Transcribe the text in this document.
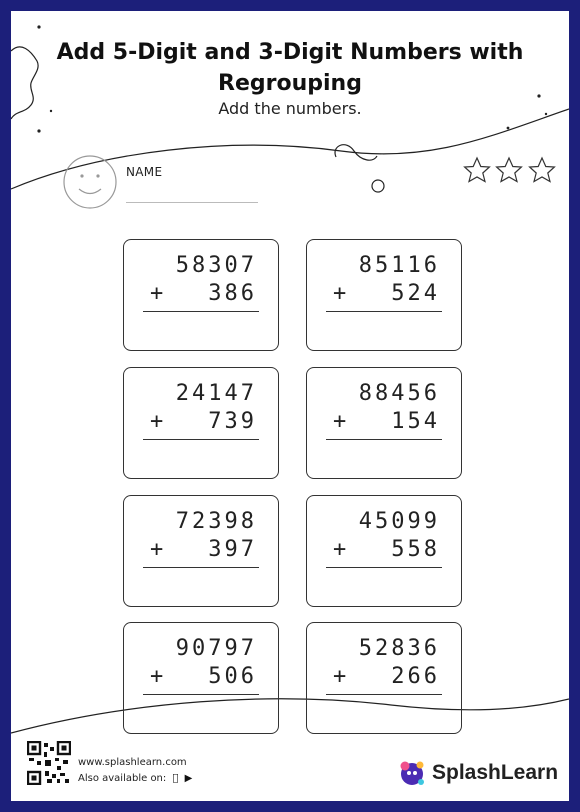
Add 5-Digit and 3-Digit Numbers with
Regrouping
Add the numbers.
NAME
58307
+ 386
85116
+ 524
24147
+ 739
88456
+ 154
72398
+ 397
45099
+ 558
90797
+ 506
52836
+ 266
www.splashlearn.com
Also available on: ▶	SplashLearn
